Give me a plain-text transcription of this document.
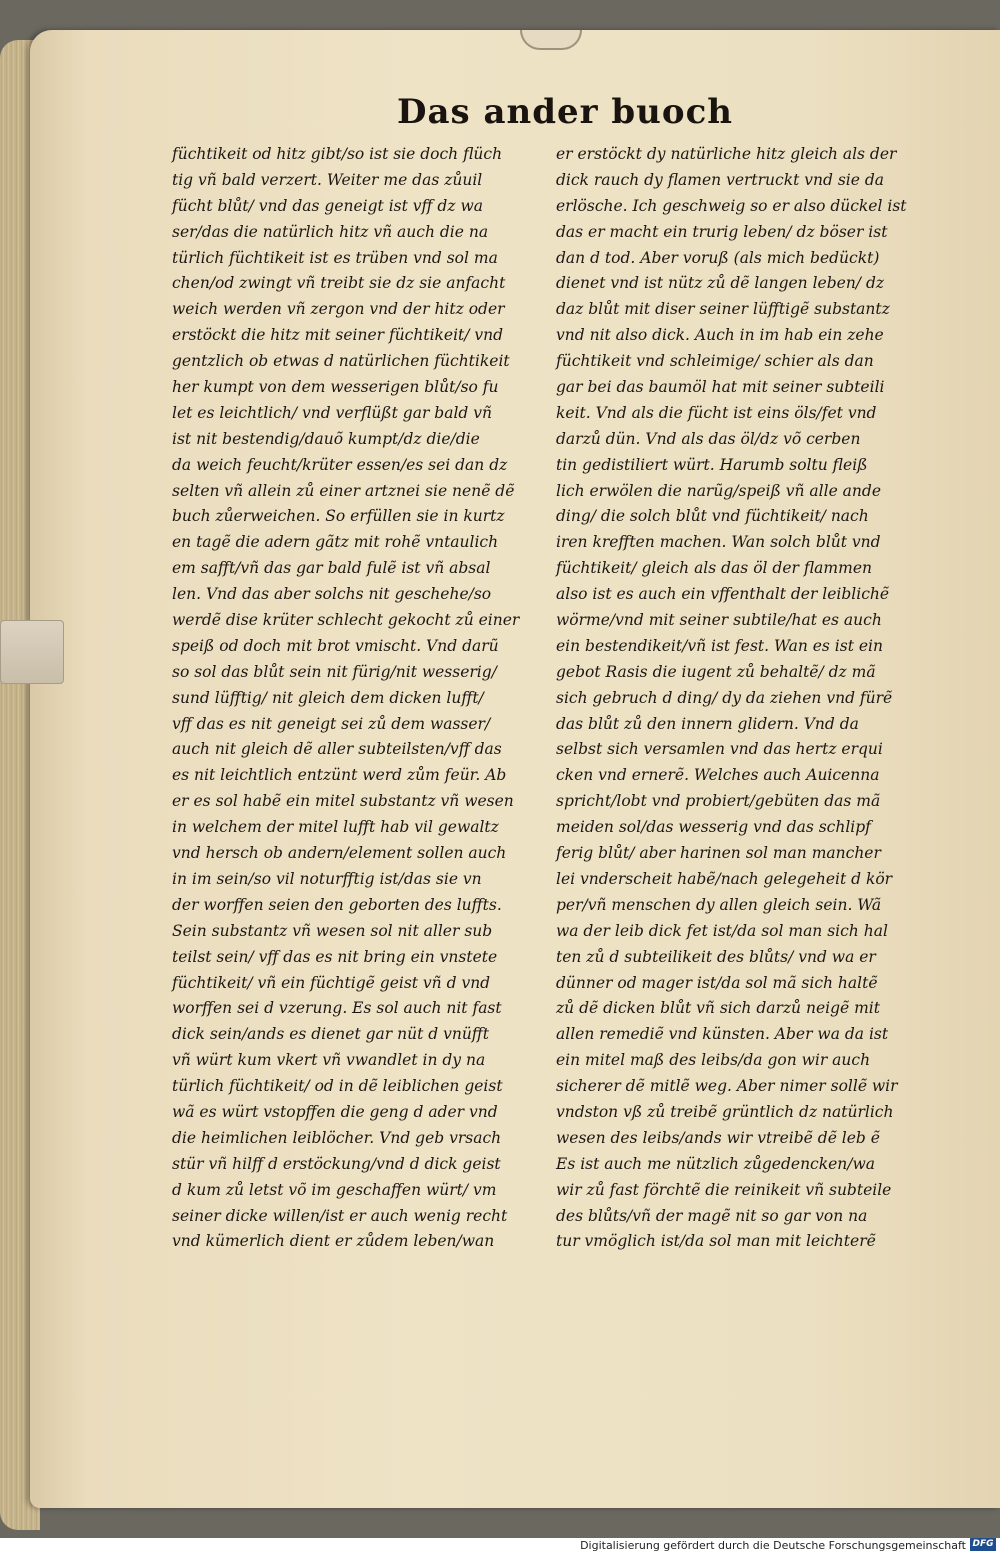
Das ander buoch
füchtikeit od hitz gibt/so ist sie doch flüch
tig vñ bald verzert. Weiter me das zůuil
fücht blůt/ vnd das geneigt ist vff dz wa
ser/das die natürlich hitz vñ auch die na
türlich füchtikeit ist es trüben vnd sol ma
chen/od zwingt vñ treibt sie dz sie anfacht
weich werden vñ zergon vnd der hitz oder
erstöckt die hitz mit seiner füchtikeit/ vnd
gentzlich ob etwas d natürlichen füchtikeit
her kumpt von dem wesserigen blůt/so fu
let es leichtlich/ vnd verflüßt gar bald vñ
ist nit bestendig/dauõ kumpt/dz die/die
da weich feucht/krüter essen/es sei dan dz
selten vñ allein zů einer artznei sie nenẽ dẽ
buch zůerweichen. So erfüllen sie in kurtz
en tagẽ die adern gãtz mit rohẽ vntaulich
em safft/vñ das gar bald fulẽ ist vñ absal
len. Vnd das aber solchs nit geschehe/so
werdẽ dise krüter schlecht gekocht zů einer
speiß od doch mit brot vmischt. Vnd darũ
so sol das blůt sein nit fürig/nit wesserig/
sund lüfftig/ nit gleich dem dicken lufft/
vff das es nit geneigt sei zů dem wasser/
auch nit gleich dẽ aller subteilsten/vff das
es nit leichtlich entzünt werd zům feür. Ab
er es sol habẽ ein mitel substantz vñ wesen
in welchem der mitel lufft hab vil gewaltz
vnd hersch ob andern/element sollen auch
in im sein/so vil noturfftig ist/das sie vn
der worffen seien den geborten des luffts.
Sein substantz vñ wesen sol nit aller sub
teilst sein/ vff das es nit bring ein vnstete
füchtikeit/ vñ ein füchtigẽ geist vñ d vnd
worffen sei d vzerung. Es sol auch nit fast
dick sein/ands es dienet gar nüt d vnüfft
vñ würt kum vkert vñ vwandlet in dy na
türlich füchtikeit/ od in dẽ leiblichen geist
wã es würt vstopffen die geng d ader vnd
die heimlichen leiblöcher. Vnd geb vrsach
stür vñ hilff d erstöckung/vnd d dick geist
d kum zů letst võ im geschaffen würt/ vm
seiner dicke willen/ist er auch wenig recht
vnd kümerlich dient er zůdem leben/wan
er erstöckt dy natürliche hitz gleich als der
dick rauch dy flamen vertruckt vnd sie da
erlösche. Ich geschweig so er also dückel ist
das er macht ein trurig leben/ dz böser ist
dan d tod. Aber voruß (als mich bedückt)
dienet vnd ist nütz zů dẽ langen leben/ dz
daz blůt mit diser seiner lüfftigẽ substantz
vnd nit also dick. Auch in im hab ein zehe
füchtikeit vnd schleimige/ schier als dan
gar bei das baumöl hat mit seiner subteili
keit. Vnd als die fücht ist eins öls/fet vnd
darzů dün. Vnd als das öl/dz võ cerben
tin gedistiliert würt. Harumb soltu fleiß
lich erwölen die narũg/speiß vñ alle ande
ding/ die solch blůt vnd füchtikeit/ nach
iren krefften machen. Wan solch blůt vnd
füchtikeit/ gleich als das öl der flammen
also ist es auch ein vffenthalt der leiblichẽ
wörme/vnd mit seiner subtile/hat es auch
ein bestendikeit/vñ ist fest. Wan es ist ein
gebot Rasis die iugent zů behaltẽ/ dz mã
sich gebruch d ding/ dy da ziehen vnd fürẽ
das blůt zů den innern glidern. Vnd da
selbst sich versamlen vnd das hertz erqui
cken vnd ernerẽ. Welches auch Auicenna
spricht/lobt vnd probiert/gebüten das mã
meiden sol/das wesserig vnd das schlipf
ferig blůt/ aber harinen sol man mancher
lei vnderscheit habẽ/nach gelegeheit d kör
per/vñ menschen dy allen gleich sein. Wã
wa der leib dick fet ist/da sol man sich hal
ten zů d subteilikeit des blůts/ vnd wa er
dünner od mager ist/da sol mã sich haltẽ
zů dẽ dicken blůt vñ sich darzů neigẽ mit
allen remediẽ vnd künsten. Aber wa da ist
ein mitel maß des leibs/da gon wir auch
sicherer dẽ mitlẽ weg. Aber nimer sollẽ wir
vndston vß zů treibẽ grüntlich dz natürlich
wesen des leibs/ands wir vtreibẽ dẽ leb ẽ
Es ist auch me nützlich zůgedencken/wa
wir zů fast förchtẽ die reinikeit vñ subteile
des blůts/vñ der magẽ nit so gar von na
tur vmöglich ist/da sol man mit leichterẽ
Digitalisierung gefördert durch die Deutsche Forschungsgemeinschaft DFG
